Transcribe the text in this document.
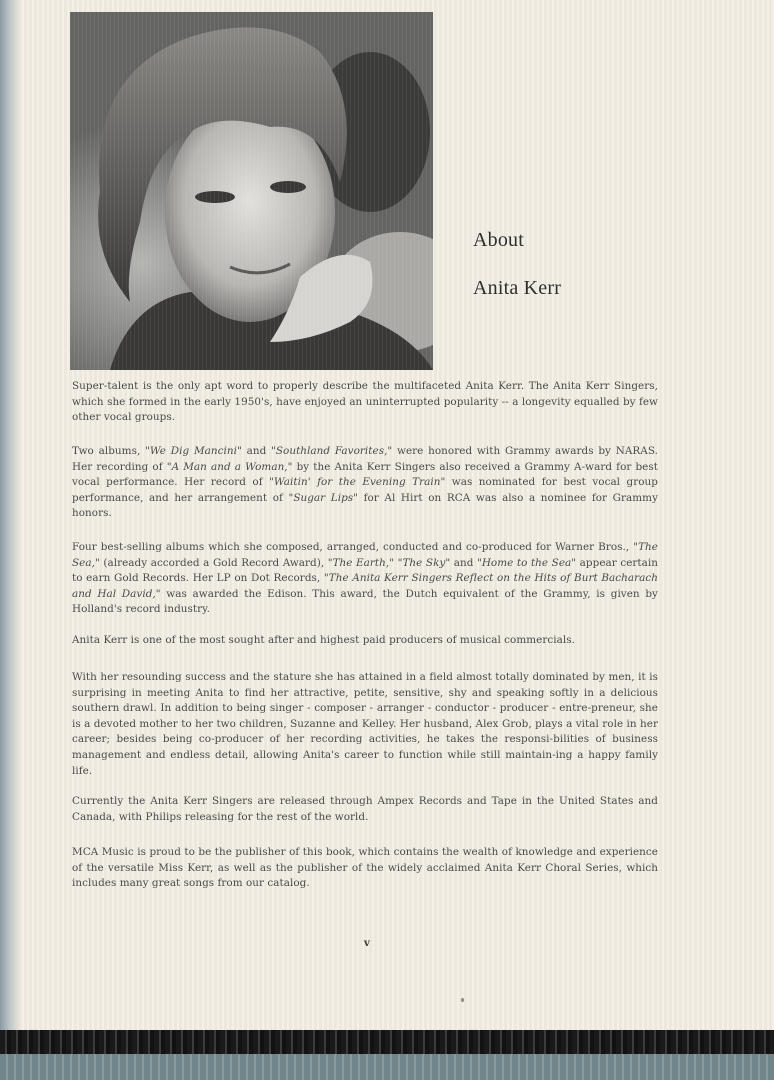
About
Anita Kerr
Super-talent is the only apt word to properly describe the multifaceted Anita Kerr. The Anita Kerr Singers, which she formed in the early 1950's, have enjoyed an uninterrupted popularity -- a longevity equalled by few other vocal groups.
Two albums, "We Dig Mancini" and "Southland Favorites," were honored with Grammy awards by NARAS. Her recording of "A Man and a Woman," by the Anita Kerr Singers also received a Grammy A-ward for best vocal performance. Her record of "Waitin' for the Evening Train" was nominated for best vocal group performance, and her arrangement of "Sugar Lips" for Al Hirt on RCA was also a nominee for Grammy honors.
Four best-selling albums which she composed, arranged, conducted and co-produced for Warner Bros., "The Sea," (already accorded a Gold Record Award), "The Earth," "The Sky" and "Home to the Sea" appear certain to earn Gold Records. Her LP on Dot Records, "The Anita Kerr Singers Reflect on the Hits of Burt Bacharach and Hal David," was awarded the Edison. This award, the Dutch equivalent of the Grammy, is given by Holland's record industry.
Anita Kerr is one of the most sought after and highest paid producers of musical commercials.
With her resounding success and the stature she has attained in a field almost totally dominated by men, it is surprising in meeting Anita to find her attractive, petite, sensitive, shy and speaking softly in a delicious southern drawl. In addition to being singer - composer - arranger - conductor - producer - entre-preneur, she is a devoted mother to her two children, Suzanne and Kelley. Her husband, Alex Grob, plays a vital role in her career; besides being co-producer of her recording activities, he takes the responsi-bilities of business management and endless detail, allowing Anita's career to function while still maintain-ing a happy family life.
Currently the Anita Kerr Singers are released through Ampex Records and Tape in the United States and Canada, with Philips releasing for the rest of the world.
MCA Music is proud to be the publisher of this book, which contains the wealth of knowledge and experience of the versatile Miss Kerr, as well as the publisher of the widely acclaimed Anita Kerr Choral Series, which includes many great songs from our catalog.
v
